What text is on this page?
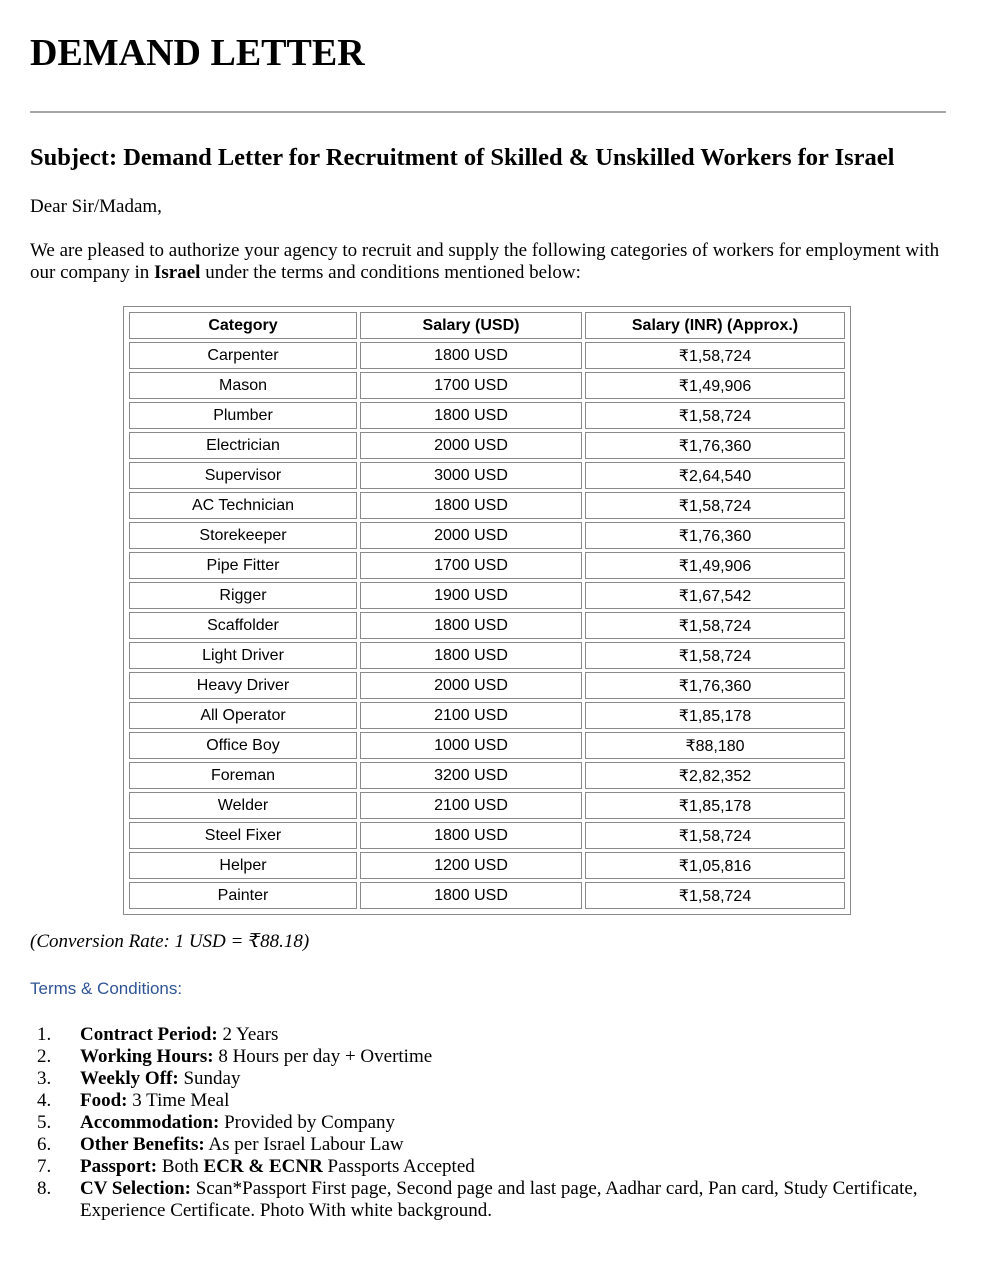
DEMAND LETTER
Subject: Demand Letter for Recruitment of Skilled & Unskilled Workers for Israel

Dear Sir/Madam,

We are pleased to authorize your agency to recruit and supply the following categories of workers for employment with our company in Israel under the terms and conditions mentioned below:

Category	Salary (USD)	Salary (INR) (Approx.)
Carpenter	1800 USD	₹1,58,724
Mason	1700 USD	₹1,49,906
Plumber	1800 USD	₹1,58,724
Electrician	2000 USD	₹1,76,360
Supervisor	3000 USD	₹2,64,540
AC Technician	1800 USD	₹1,58,724
Storekeeper	2000 USD	₹1,76,360
Pipe Fitter	1700 USD	₹1,49,906
Rigger	1900 USD	₹1,67,542
Scaffolder	1800 USD	₹1,58,724
Light Driver	1800 USD	₹1,58,724
Heavy Driver	2000 USD	₹1,76,360
All Operator	2100 USD	₹1,85,178
Office Boy	1000 USD	₹88,180
Foreman	3200 USD	₹2,82,352
Welder	2100 USD	₹1,85,178
Steel Fixer	1800 USD	₹1,58,724
Helper	1200 USD	₹1,05,816
Painter	1800 USD	₹1,58,724

(Conversion Rate: 1 USD = ₹88.18)

Terms & Conditions:

1. Contract Period: 2 Years
2. Working Hours: 8 Hours per day + Overtime
3. Weekly Off: Sunday
4. Food: 3 Time Meal
5. Accommodation: Provided by Company
6. Other Benefits: As per Israel Labour Law
7. Passport: Both ECR & ECNR Passports Accepted
8. CV Selection: Scan*Passport First page, Second page and last page, Aadhar card, Pan card, Study Certificate, Experience Certificate. Photo With white background.
